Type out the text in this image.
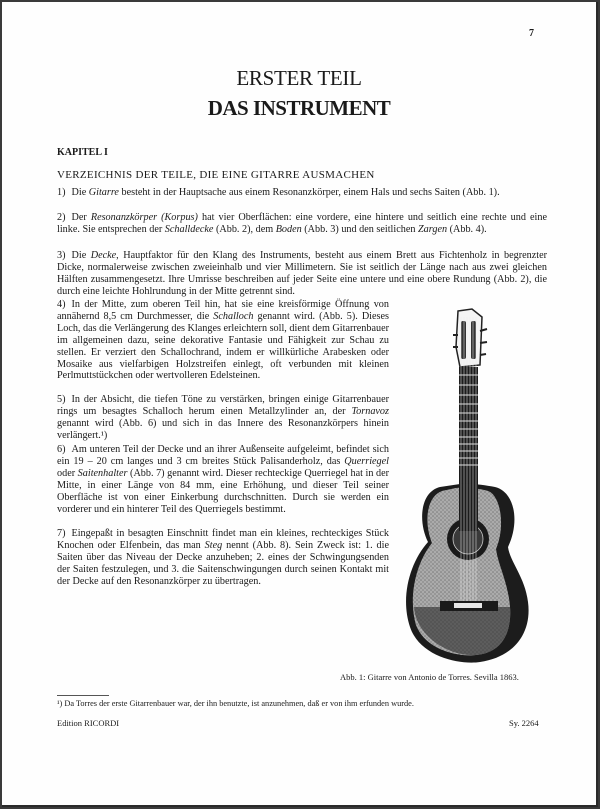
7
ERSTER TEIL
DAS INSTRUMENT
KAPITEL I
VERZEICHNIS DER TEILE, DIE EINE GITARRE AUSMACHEN
1) Die Gitarre besteht in der Hauptsache aus einem Resonanzkörper, einem Hals und sechs Saiten (Abb. 1).
2) Der Resonanzkörper (Korpus) hat vier Oberflächen: eine vordere, eine hintere und seitlich eine rechte und eine linke. Sie entsprechen der Schalldecke (Abb. 2), dem Boden (Abb. 3) und den seitlichen Zargen (Abb. 4).
3) Die Decke, Hauptfaktor für den Klang des Instruments, besteht aus einem Brett aus Fichtenholz in begrenzter Dicke, normalerweise zwischen zweieinhalb und vier Millimetern. Sie ist seitlich der Länge nach aus zwei gleichen Hälften zusammengesetzt. Ihre Umrisse beschreiben auf jeder Seite eine untere und eine obere Rundung (Abb. 2), die durch eine leichte Hohlrundung in der Mitte getrennt sind.
4) In der Mitte, zum oberen Teil hin, hat sie eine kreisförmige Öffnung von annähernd 8,5 cm Durchmesser, die Schalloch genannt wird. (Abb. 5). Dieses Loch, das die Verlängerung des Klanges erleichtern soll, dient dem Gitarrenbauer im allgemeinen dazu, seine dekorative Fantasie und Fähigkeit zur Schau zu stellen. Er verziert den Schallochrand, indem er willkürliche Arabesken oder Mosaike aus vielfarbigen Holzstreifen einlegt, oft verbunden mit kleinen Perlmuttstückchen oder wertvolleren Edelsteinen.
5) In der Absicht, die tiefen Töne zu verstärken, bringen einige Gitarrenbauer rings um besagtes Schalloch herum einen Metallzylinder an, der Tornavoz genannt wird (Abb. 6) und sich in das Innere des Resonanzkörpers hinein verlängert.¹)
6) Am unteren Teil der Decke und an ihrer Außenseite aufgeleimt, befindet sich ein 19 – 20 cm langes und 3 cm breites Stück Palisanderholz, das Querriegel oder Saitenhalter (Abb. 7) genannt wird. Dieser rechteckige Querriegel hat in der Mitte, in einer Länge von 84 mm, eine Erhöhung, und dieser Teil seiner Oberfläche ist von einer Einkerbung durchschnitten. Durch sie werden ein vorderer und ein hinterer Teil des Querriegels bestimmt.
7) Eingepaßt in besagten Einschnitt findet man ein kleines, rechteckiges Stück Knochen oder Elfenbein, das man Steg nennt (Abb. 8). Sein Zweck ist: 1. die Saiten über das Niveau der Decke anzuheben; 2. eines der Schwingungsenden der Saiten festzulegen, und 3. die Saitenschwingungen durch seinen Kontakt mit der Decke auf den Resonanzkörper zu übertragen.
Abb. 1: Gitarre von Antonio de Torres. Sevilla 1863.
¹) Da Torres der erste Gitarrenbauer war, der ihn benutzte, ist anzunehmen, daß er von ihm erfunden wurde.
Edition RICORDI	Sy. 2264
